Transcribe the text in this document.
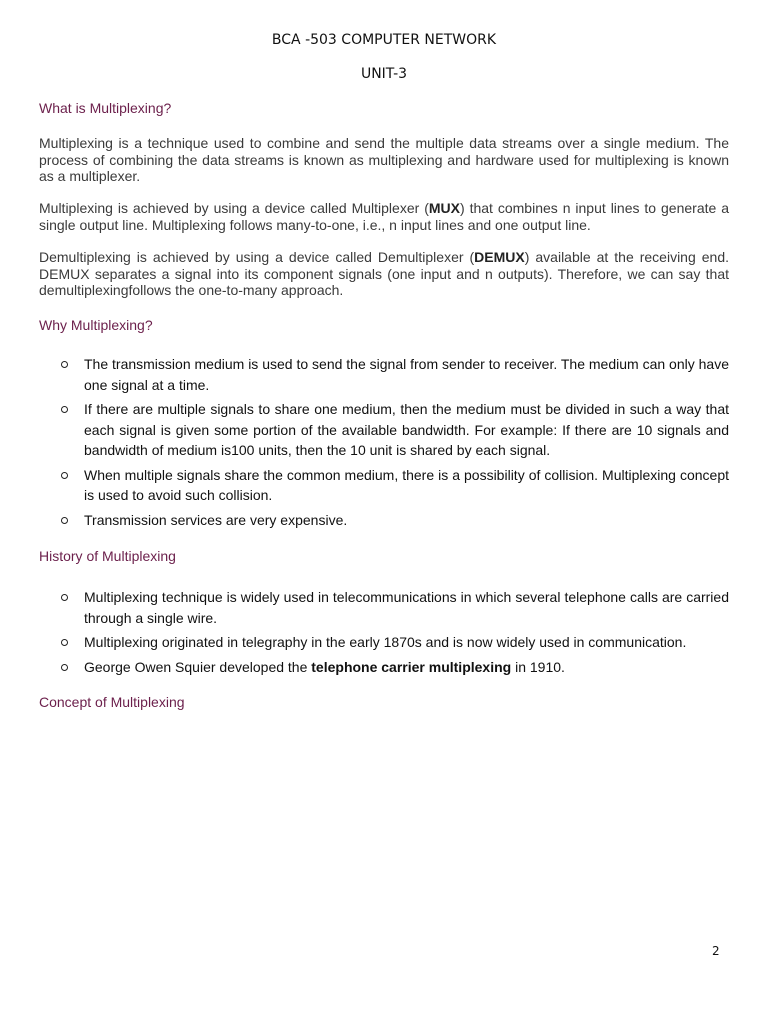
BCA -503 COMPUTER NETWORK
UNIT-3
What is Multiplexing?

Multiplexing is a technique used to combine and send the multiple data streams over a single medium. The process of combining the data streams is known as multiplexing and hardware used for multiplexing is known as a multiplexer.

Multiplexing is achieved by using a device called Multiplexer (MUX) that combines n input lines to generate a single output line. Multiplexing follows many-to-one, i.e., n input lines and one output line.

Demultiplexing is achieved by using a device called Demultiplexer (DEMUX) available at the receiving end. DEMUX separates a signal into its component signals (one input and n outputs). Therefore, we can say that demultiplexingfollows the one-to-many approach.

Why Multiplexing?
The transmission medium is used to send the signal from sender to receiver. The medium can only have one signal at a time.
If there are multiple signals to share one medium, then the medium must be divided in such a way that each signal is given some portion of the available bandwidth. For example: If there are 10 signals and bandwidth of medium is100 units, then the 10 unit is shared by each signal.
When multiple signals share the common medium, there is a possibility of collision. Multiplexing concept is used to avoid such collision.
Transmission services are very expensive.
History of Multiplexing
Multiplexing technique is widely used in telecommunications in which several telephone calls are carried through a single wire.
Multiplexing originated in telegraphy in the early 1870s and is now widely used in communication.
George Owen Squier developed the telephone carrier multiplexing in 1910.
Concept of Multiplexing
2
